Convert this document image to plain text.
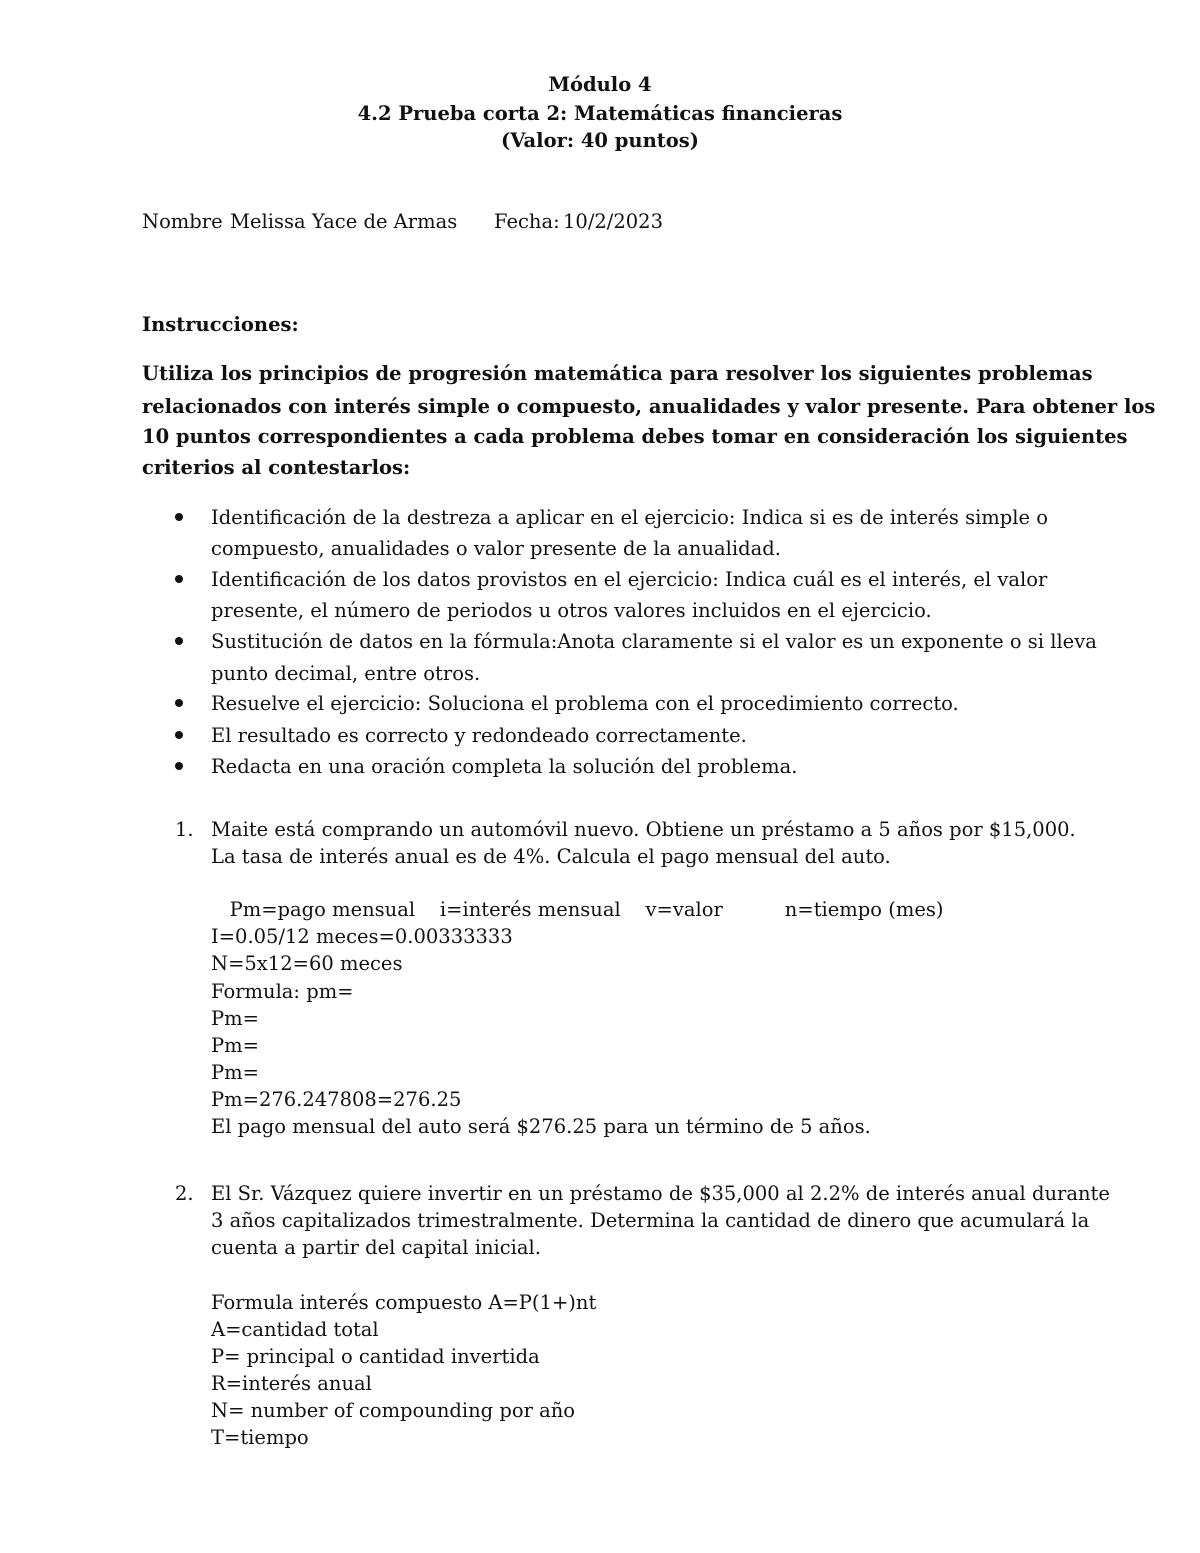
Módulo 4
4.2 Prueba corta 2: Matemáticas financieras
(Valor: 40 puntos)
Nombre Melissa Yace de Armas Fecha: 10/2/2023
Instrucciones:
Utiliza los principios de progresión matemática para resolver los siguientes problemas
relacionados con interés simple o compuesto, anualidades y valor presente. Para obtener los
10 puntos correspondientes a cada problema debes tomar en consideración los siguientes
criterios al contestarlos:
Identificación de la destreza a aplicar en el ejercicio: Indica si es de interés simple o
compuesto, anualidades o valor presente de la anualidad.
Identificación de los datos provistos en el ejercicio: Indica cuál es el interés, el valor
presente, el número de periodos u otros valores incluidos en el ejercicio.
Sustitución de datos en la fórmula:Anota claramente si el valor es un exponente o si lleva
punto decimal, entre otros.
Resuelve el ejercicio: Soluciona el problema con el procedimiento correcto.
El resultado es correcto y redondeado correctamente.
Redacta en una oración completa la solución del problema.
1. Maite está comprando un automóvil nuevo. Obtiene un préstamo a 5 años por $15,000.
La tasa de interés anual es de 4%. Calcula el pago mensual del auto.
Pm=pago mensual    i=interés mensual    v=valor          n=tiempo (mes)
I=0.05/12 meces=0.00333333
N=5x12=60 meces
Formula: pm=
Pm=
Pm=
Pm=
Pm=276.247808=276.25
El pago mensual del auto será $276.25 para un término de 5 años.
2. El Sr. Vázquez quiere invertir en un préstamo de $35,000 al 2.2% de interés anual durante
3 años capitalizados trimestralmente. Determina la cantidad de dinero que acumulará la
cuenta a partir del capital inicial.
Formula interés compuesto A=P(1+)nt
A=cantidad total
P= principal o cantidad invertida
R=interés anual
N= number of compounding por año
T=tiempo
